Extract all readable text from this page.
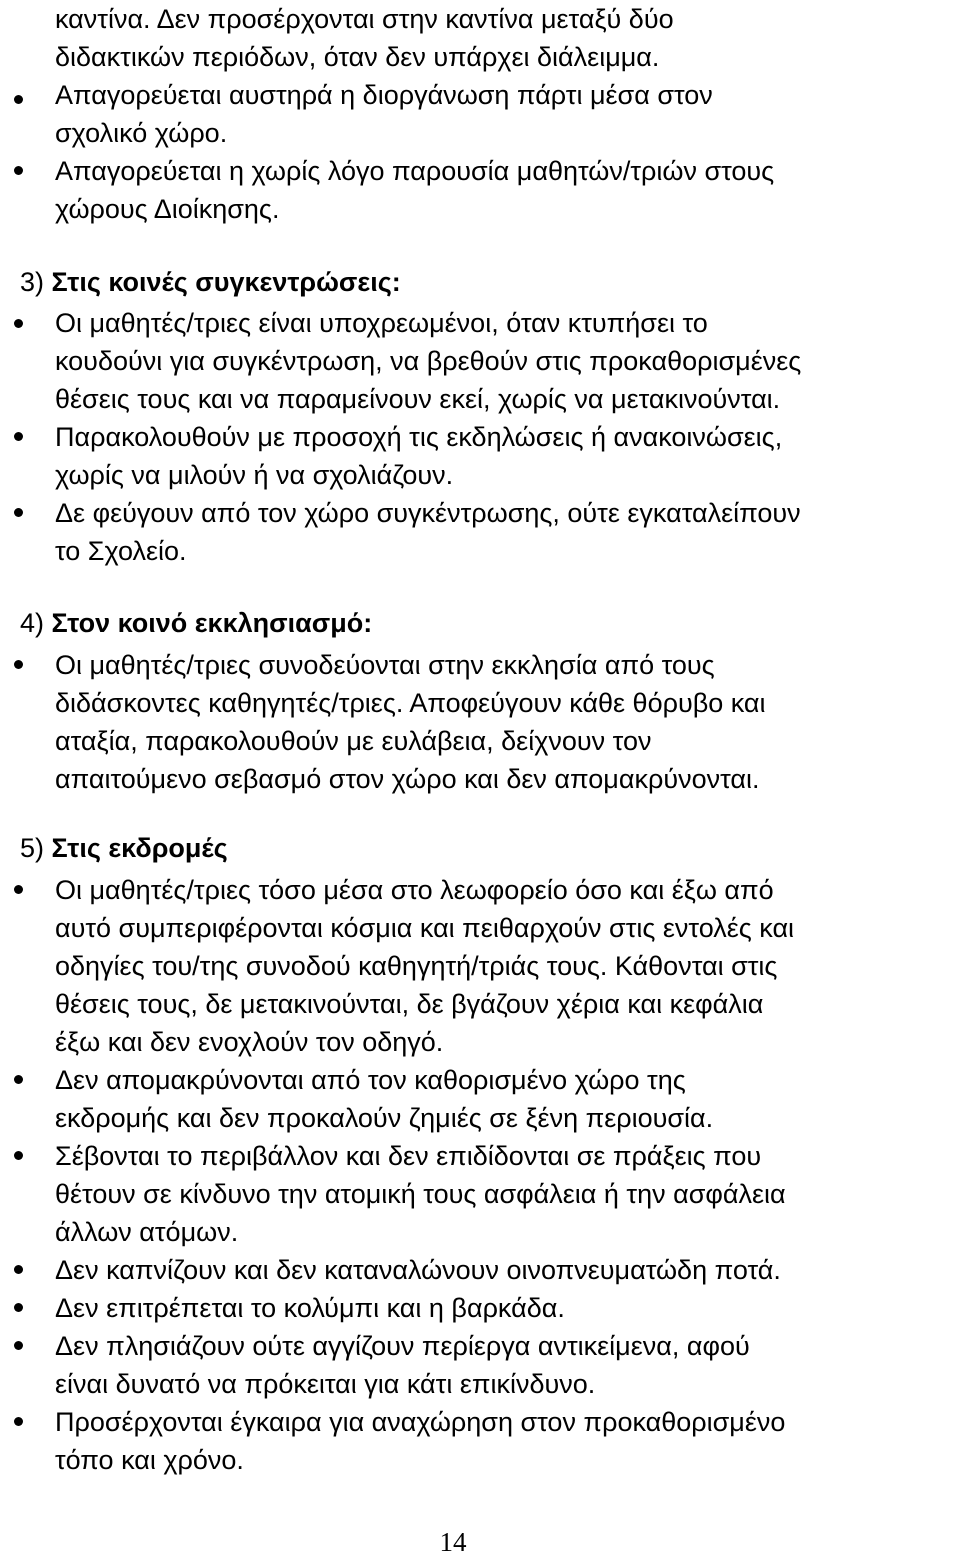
καντίνα. Δεν προσέρχονται στην καντίνα μεταξύ δύο
διδακτικών περιόδων, όταν δεν υπάρχει διάλειμμα.
Απαγορεύεται αυστηρά η διοργάνωση πάρτι μέσα στον
σχολικό χώρο.
Απαγορεύεται η χωρίς λόγο παρουσία μαθητών/τριών στους
χώρους Διοίκησης.
3) Στις κοινές συγκεντρώσεις:
Οι μαθητές/τριες είναι υποχρεωμένοι, όταν κτυπήσει το
κουδούνι για συγκέντρωση, να βρεθούν στις προκαθορισμένες
θέσεις τους και να παραμείνουν εκεί, χωρίς να μετακινούνται.
Παρακολουθούν με προσοχή τις εκδηλώσεις ή ανακοινώσεις,
χωρίς να μιλούν ή να σχολιάζουν.
Δε φεύγουν από τον χώρο συγκέντρωσης, ούτε εγκαταλείπουν
το Σχολείο.
4) Στον κοινό εκκλησιασμό:
Οι μαθητές/τριες συνοδεύονται στην εκκλησία από τους
διδάσκοντες καθηγητές/τριες. Αποφεύγουν κάθε θόρυβο και
αταξία, παρακολουθούν με ευλάβεια, δείχνουν τον
απαιτούμενο σεβασμό στον χώρο και δεν απομακρύνονται.
5) Στις εκδρομές
Οι μαθητές/τριες τόσο μέσα στο λεωφορείο όσο και έξω από
αυτό συμπεριφέρονται κόσμια και πειθαρχούν στις εντολές και
οδηγίες του/της συνοδού καθηγητή/τριάς τους. Κάθονται στις
θέσεις τους, δε μετακινούνται, δε βγάζουν χέρια και κεφάλια
έξω και δεν ενοχλούν τον οδηγό.
Δεν απομακρύνονται από τον καθορισμένο χώρο της
εκδρομής και δεν προκαλούν ζημιές σε ξένη περιουσία.
Σέβονται το περιβάλλον και δεν επιδίδονται σε πράξεις που
θέτουν σε κίνδυνο την ατομική τους ασφάλεια ή την ασφάλεια
άλλων ατόμων.
Δεν καπνίζουν και δεν καταναλώνουν οινοπνευματώδη ποτά.
Δεν επιτρέπεται το κολύμπι και η βαρκάδα.
Δεν πλησιάζουν ούτε αγγίζουν περίεργα αντικείμενα, αφού
είναι δυνατό να πρόκειται για κάτι επικίνδυνο.
Προσέρχονται έγκαιρα για αναχώρηση στον προκαθορισμένο
τόπο και χρόνο.
14
